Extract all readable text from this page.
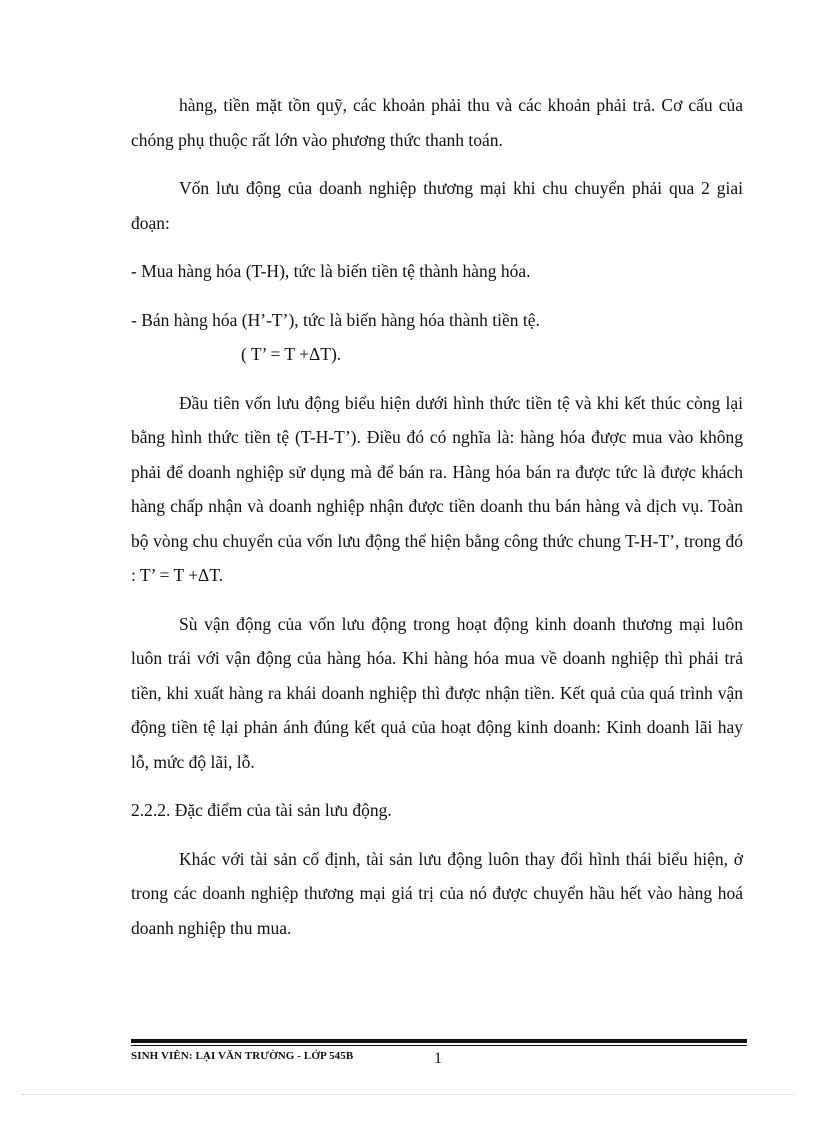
hàng, tiền mặt tồn quỹ, các khoản phải thu và các khoản phải trả. Cơ cấu của chóng phụ thuộc rất lớn vào phương thức thanh toán.

Vốn lưu động của doanh nghiệp thương mại khi chu chuyển phải qua 2 giai đoạn:

- Mua hàng hóa (T-H), tức là biến tiền tệ thành hàng hóa.

- Bán hàng hóa (H’-T’), tức là biến hàng hóa thành tiền tệ.

( T’ = T +ΔT).

Đầu tiên vốn lưu động biểu hiện dưới hình thức tiền tệ và khi kết thúc còng lại bằng hình thức tiền tệ (T-H-T’). Điều đó có nghĩa là: hàng hóa được mua vào không phải để doanh nghiệp sử dụng mà để bán ra. Hàng hóa bán ra được tức là được khách hàng chấp nhận và doanh nghiệp nhận được tiền doanh thu bán hàng và dịch vụ. Toàn bộ vòng chu chuyển của vốn lưu động thể hiện bằng công thức chung T-H-T’, trong đó : T’ = T +ΔT.

Sù vận động của vốn lưu động trong hoạt động kinh doanh thương mại luôn luôn trái với vận động của hàng hóa. Khi hàng hóa mua về doanh nghiệp thì phải trả tiền, khi xuất hàng ra khái doanh nghiệp thì được nhận tiền. Kết quả của quá trình vận động tiền tệ lại phản ánh đúng kết quả của hoạt động kinh doanh: Kinh doanh lãi hay lỗ, mức độ lãi, lỗ.

2.2.2. Đặc điểm của tài sản lưu động.

Khác với tài sản cố định, tài sản lưu động luôn thay đổi hình thái biểu hiện, ở trong các doanh nghiệp thương mại giá trị của nó được chuyển hầu hết vào hàng hoá doanh nghiệp thu mua.

SINH VIÊN: LẠI VĂN TRƯỜNG - LỚP 545B	1
